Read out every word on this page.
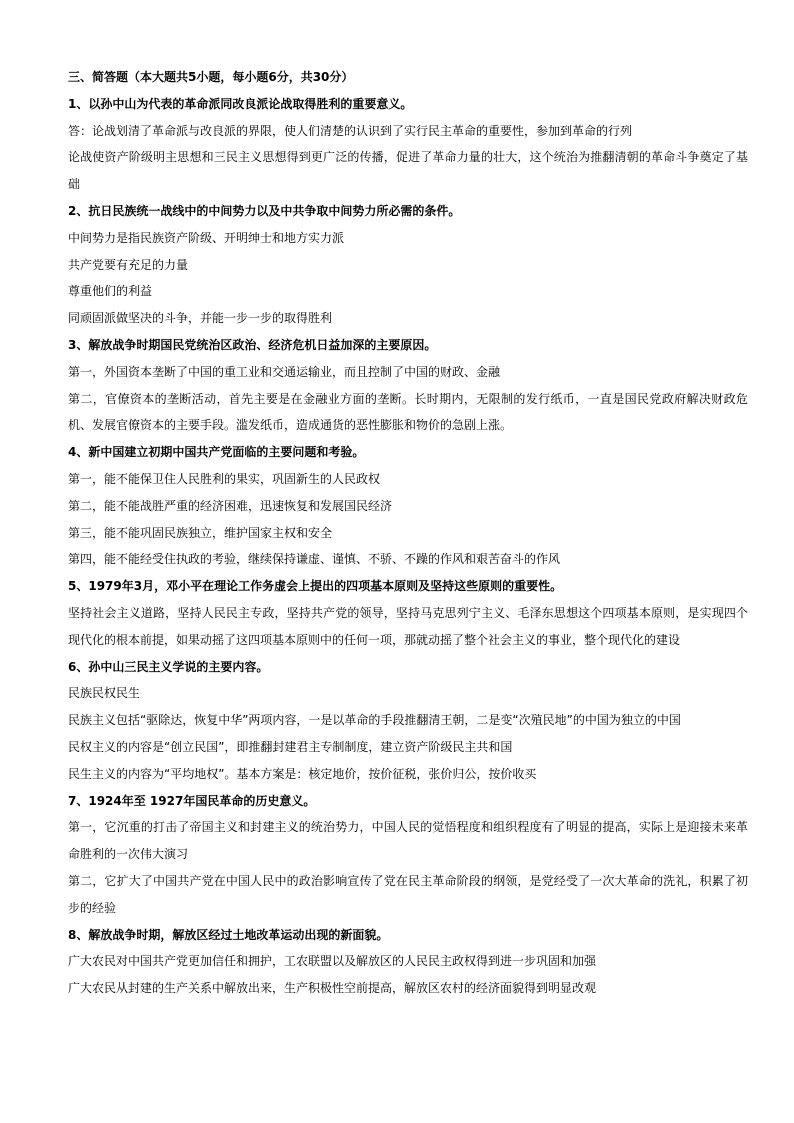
三、简答题（本大题共5小题，每小题6分，共30分）
1、以孙中山为代表的革命派同改良派论战取得胜利的重要意义。
答：论战划清了革命派与改良派的界限，使人们清楚的认识到了实行民主革命的重要性，参加到革命的行列
论战使资产阶级明主思想和三民主义思想得到更广泛的传播，促进了革命力量的壮大，这个统治为推翻清朝的革命斗争奠定了基础
2、抗日民族统一战线中的中间势力以及中共争取中间势力所必需的条件。
中间势力是指民族资产阶级、开明绅士和地方实力派
共产党要有充足的力量
尊重他们的利益
同顽固派做坚决的斗争，并能一步一步的取得胜利
3、解放战争时期国民党统治区政治、经济危机日益加深的主要原因。
第一，外国资本垄断了中国的重工业和交通运输业，而且控制了中国的财政、金融
第二，官僚资本的垄断活动，首先主要是在金融业方面的垄断。长时期内，无限制的发行纸币，一直是国民党政府解决财政危机、发展官僚资本的主要手段。滥发纸币，造成通货的恶性膨胀和物价的急剧上涨。
4、新中国建立初期中国共产党面临的主要问题和考验。
第一，能不能保卫住人民胜利的果实，巩固新生的人民政权
第二，能不能战胜严重的经济困难，迅速恢复和发展国民经济
第三，能不能巩固民族独立，维护国家主权和安全
第四，能不能经受住执政的考验，继续保持谦虚、谨慎、不骄、不躁的作风和艰苦奋斗的作风
5、1979年3月，邓小平在理论工作务虚会上提出的四项基本原则及坚持这些原则的重要性。
坚持社会主义道路，坚持人民民主专政，坚持共产党的领导，坚持马克思列宁主义、毛泽东思想这个四项基本原则，是实现四个现代化的根本前提，如果动摇了这四项基本原则中的任何一项，那就动摇了整个社会主义的事业，整个现代化的建设
6、孙中山三民主义学说的主要内容。
民族民权民生
民族主义包括“驱除达，恢复中华”两项内容，一是以革命的手段推翻清王朝，二是变“次殖民地”的中国为独立的中国
民权主义的内容是“创立民国”，即推翻封建君主专制制度，建立资产阶级民主共和国
民生主义的内容为“平均地权”。基本方案是：核定地价，按价征税，张价归公，按价收买
7、1924年至 1927年国民革命的历史意义。
第一，它沉重的打击了帝国主义和封建主义的统治势力，中国人民的觉悟程度和组织程度有了明显的提高，实际上是迎接未来革命胜利的一次伟大演习
第二，它扩大了中国共产党在中国人民中的政治影响宣传了党在民主革命阶段的纲领，是党经受了一次大革命的洗礼，积累了初步的经验
8、解放战争时期，解放区经过土地改革运动出现的新面貌。
广大农民对中国共产党更加信任和拥护，工农联盟以及解放区的人民民主政权得到进一步巩固和加强
广大农民从封建的生产关系中解放出来，生产积极性空前提高，解放区农村的经济面貌得到明显改观
